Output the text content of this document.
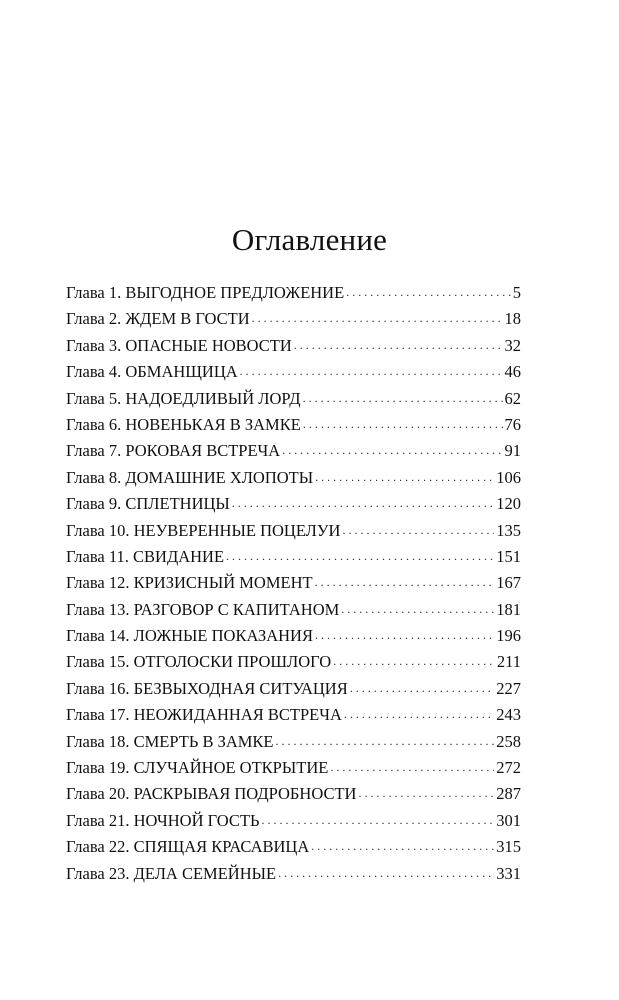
Оглавление
Глава 1. ВЫГОДНОЕ ПРЕДЛОЖЕНИЕ . . .	5
Глава 2. ЖДЕМ В ГОСТИ . . .	18
Глава 3. ОПАСНЫЕ НОВОСТИ . . .	32
Глава 4. ОБМАНЩИЦА . . .	46
Глава 5. НАДОЕДЛИВЫЙ ЛОРД . . .	62
Глава 6. НОВЕНЬКАЯ В ЗАМКЕ . . .	76
Глава 7. РОКОВАЯ ВСТРЕЧА . . .	91
Глава 8. ДОМАШНИЕ ХЛОПОТЫ . . .	106
Глава 9. СПЛЕТНИЦЫ . . .	120
Глава 10. НЕУВЕРЕННЫЕ ПОЦЕЛУИ . . .	135
Глава 11. СВИДАНИЕ . . .	151
Глава 12. КРИЗИСНЫЙ МОМЕНТ . . .	167
Глава 13. РАЗГОВОР С КАПИТАНОМ . . .	181
Глава 14. ЛОЖНЫЕ ПОКАЗАНИЯ . . .	196
Глава 15. ОТГОЛОСКИ ПРОШЛОГО . . .	211
Глава 16. БЕЗВЫХОДНАЯ СИТУАЦИЯ . . .	227
Глава 17. НЕОЖИДАННАЯ ВСТРЕЧА . . .	243
Глава 18. СМЕРТЬ В ЗАМКЕ . . .	258
Глава 19. СЛУЧАЙНОЕ ОТКРЫТИЕ . . .	272
Глава 20. РАСКРЫВАЯ ПОДРОБНОСТИ . . .	287
Глава 21. НОЧНОЙ ГОСТЬ . . .	301
Глава 22. СПЯЩАЯ КРАСАВИЦА . . .	315
Глава 23. ДЕЛА СЕМЕЙНЫЕ . . .	331
